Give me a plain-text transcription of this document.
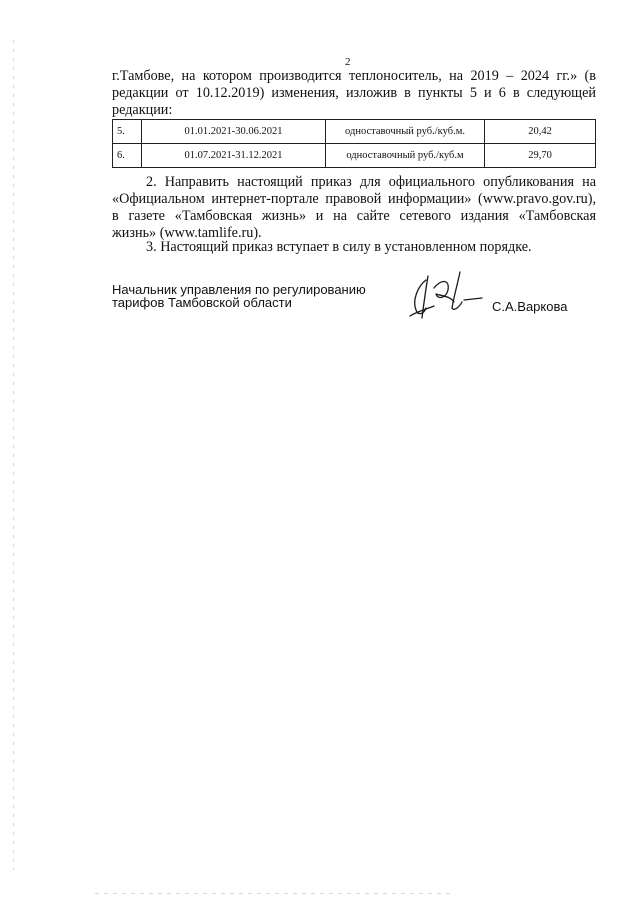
2
г.Тамбове, на котором производится теплоноситель, на 2019 – 2024 гг.» (в
редакции от 10.12.2019) изменения, изложив в пункты 5 и 6 в следующей
редакции:
5.	01.01.2021-30.06.2021	одноставочный руб./куб.м.	20,42
6.	01.07.2021-31.12.2021	одноставочный руб./куб.м	29,70
2. Направить настоящий приказ для официального опубликования на
«Официальном интернет-портале правовой информации» (www.pravo.gov.ru),
в газете «Тамбовская жизнь» и на сайте сетевого издания «Тамбовская
жизнь» (www.tamlife.ru).
3. Настоящий приказ вступает в силу в установленном порядке.
Начальник управления по регулированию
тарифов Тамбовской области	С.А.Варкова
